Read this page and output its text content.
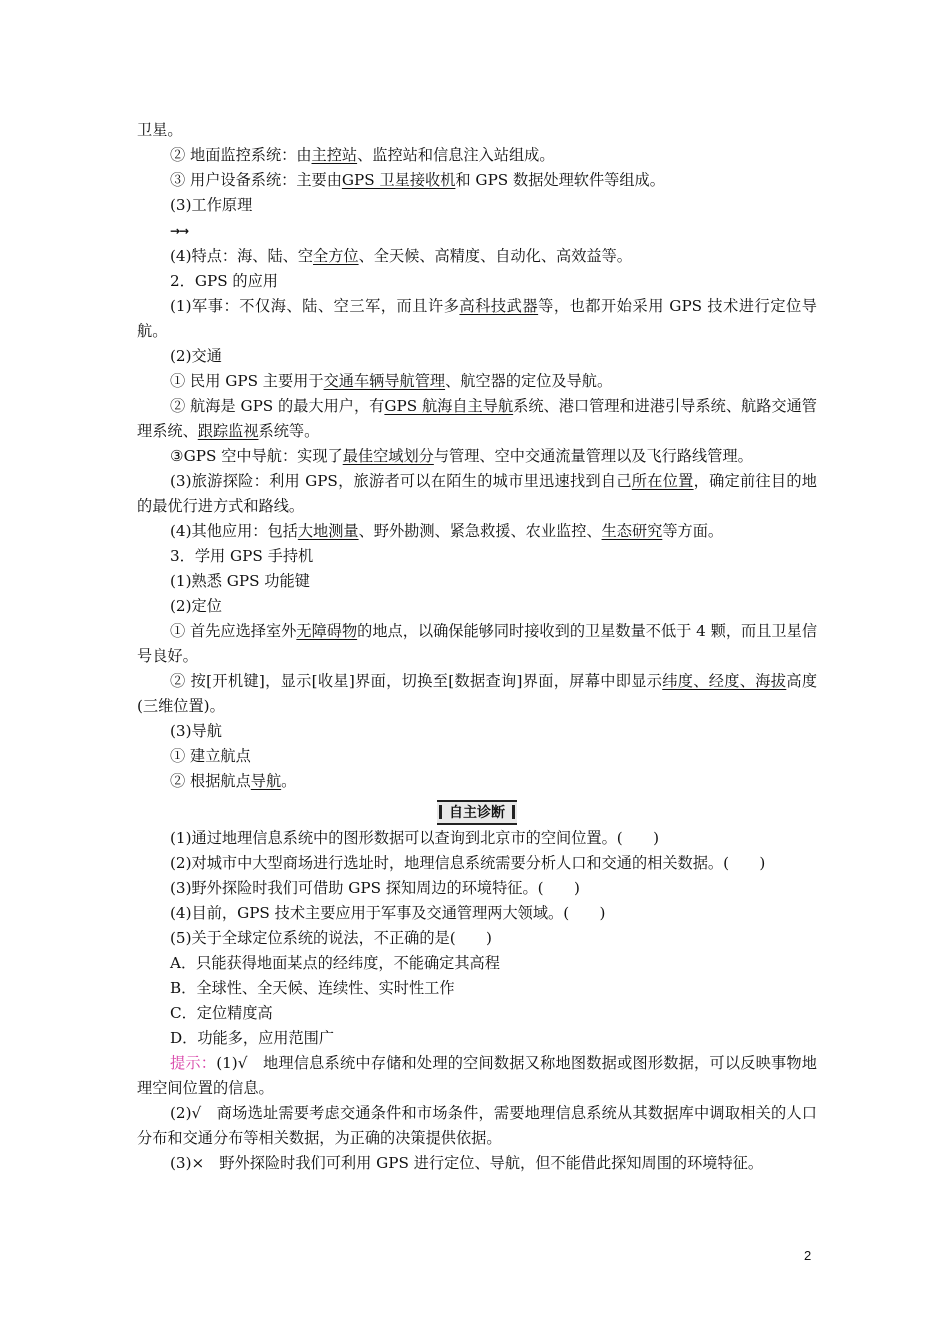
卫星。

② 地面监控系统：由主控站、监控站和信息注入站组成。

③ 用户设备系统：主要由GPS 卫星接收机和 GPS 数据处理软件等组成。

(3)工作原理

→→

(4)特点：海、陆、空全方位、全天候、高精度、自动化、高效益等。

2．GPS 的应用

(1)军事：不仅海、陆、空三军，而且许多高科技武器等，也都开始采用 GPS 技术进行定位导航。

(2)交通

① 民用 GPS 主要用于交通车辆导航管理、航空器的定位及导航。

② 航海是 GPS 的最大用户，有GPS 航海自主导航系统、港口管理和进港引导系统、航路交通管理系统、跟踪监视系统等。

③GPS 空中导航：实现了最佳空域划分与管理、空中交通流量管理以及飞行路线管理。

(3)旅游探险：利用 GPS，旅游者可以在陌生的城市里迅速找到自己所在位置，确定前往目的地的最优行进方式和路线。

(4)其他应用：包括大地测量、野外勘测、紧急救援、农业监控、生态研究等方面。

3．学用 GPS 手持机

(1)熟悉 GPS 功能键

(2)定位

① 首先应选择室外无障碍物的地点，以确保能够同时接收到的卫星数量不低于 4 颗，而且卫星信号良好。

② 按[开机键]，显示[收星]界面，切换至[数据查询]界面，屏幕中即显示纬度、经度、海拔高度(三维位置)。

(3)导航

① 建立航点

② 根据航点导航。

自主诊断

(1)通过地理信息系统中的图形数据可以查询到北京市的空间位置。(　　)

(2)对城市中大型商场进行选址时，地理信息系统需要分析人口和交通的相关数据。(　　)

(3)野外探险时我们可借助 GPS 探知周边的环境特征。(　　)

(4)目前，GPS 技术主要应用于军事及交通管理两大领域。(　　)

(5)关于全球定位系统的说法，不正确的是(　　)

A．只能获得地面某点的经纬度，不能确定其高程

B．全球性、全天候、连续性、实时性工作

C．定位精度高

D．功能多，应用范围广

提示：(1)√　地理信息系统中存储和处理的空间数据又称地图数据或图形数据，可以反映事物地理空间位置的信息。

(2)√　商场选址需要考虑交通条件和市场条件，需要地理信息系统从其数据库中调取相关的人口分布和交通分布等相关数据，为正确的决策提供依据。

(3)×　野外探险时我们可利用 GPS 进行定位、导航，但不能借此探知周围的环境特征。

2
